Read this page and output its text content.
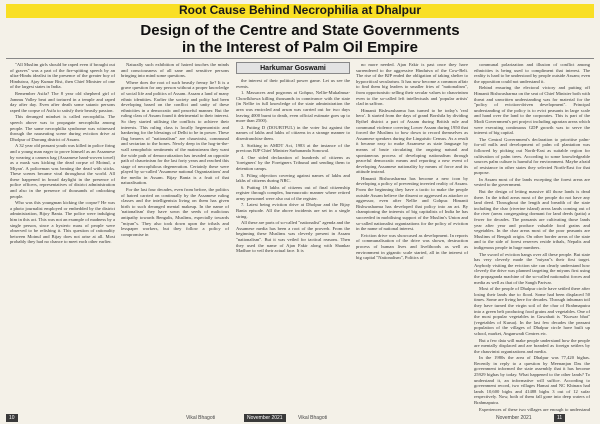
Root Cause Behind Necrophilia at Dhalpur
Design of the Centre and State Governments
in the Interest of Palm Oil Empire

"All Muslim girls should be raped even if brought out of graves" was a part of the fire-spitting speech by an ultra-Hindu idealist in the presence of the greater boy of Hindutwa, Ajay Kumar Bist, then Chief Minister of one of the largest states in India.

Remember Asifa? The 8 year old shepherd girl of Jammu Valley beat and tortured in a temple and raped day after day. Even after death some satanic persons raped the corpse of Asifa to satisfy their beastly passion.

This deranged mindset is called necrophilia. The speech above was to propagate necrophilia among people. The same necrophilia syndrome was witnessed through the nauseating scene during eviction drive at Dholpur of Darrang district of Assam.

A 32 year old peasant youth was killed in police firing and a young man eager to prove himself as an Assamese by wearing a camera bag (Assamese hand-woven towel) as a mask was kicking the dead corpse of Moinul, a Miyan'. A policeman was beating the dead with sticks. These scenes became viral throughout the world. All these happened in broad daylight in the presence of police officers, representatives of district administration and also in the presence of thousands of onlooking people.

Who was this youngman kicking the corpse? He was a photo journalist employed or embedded by the district administration, Bijoy Bania. The police were indulging him in this act. This was not an example of madness by a single person, since a hysteric mass of people were observed to be relishing it. This question of rationality between Moinul and Bijay does not arise at all. Most probably they had no chance to meet each other earlier.

Naturally such exhibition of hatred touches the minds and consciousness of all sane and sensitive persons bringing into mind some questions.

Where does the root of such beastly frenzy lie? It is a grave question for any person without a proper knowledge of social life and politics of Assam. Assam a land of many ethnic identities. Earlier the society and polity had been developing based on the conflict and unity of these ethnicities in a democratic and peaceful manner. But the ruling class of Assam found it detrimental to their interest. So they started utilising the conflicts to achieve their interests. This ruling class is locally hegemonistic and hankering for the blessings of Delhi to be in power. These flag bearers of "nationalism" are chauvinist, communal and sectarian to the bones. Newly deep in the hog-in-the-wall xenophobic sentiments of the mainstream they want the wide path of democratization has invaded an opposite path of chauvinism for the last forty years and reached this stage of necrophilous degeneration. Certainly these were played by so-called 'Assamese national Organizations' and the media in Assam. Bijay Bania is a fruit of that naturalisation.

For the last four decades, even from before, the politics of hatred carried on continually by the Assamese ruling classes and the intelligentsia living on them has given birth to such deranged mental makeup. In the name of 'nationalism' they have sown the seeds of malicious antipathy towards Bengalis, Muslims, especially towards "miyan"s. They also took down upon the tribals and lesspaper workers, but they follow a policy of compromise in

Harkumar Goswami

the interest of their political power game. Let us see the events.

1. Massacres and pogroms at Gohpur, Nellie-Mukalmua-Chowlkhowa killing thousands in connivance with the state (in Nellie in full knowledge of the state administration the area was encircled and arson was carried out for two days leaving 4000 burnt to death, even official estimate goes up to more than 2500).

2. Putting D (DOUBTFUL) in the voter list against the names of lakhs and lakhs of citizens in a strange manner to disenfranchise them.

3. Striking in AMDT Act, 1983 at the instance of the previous BJP Chief Minister Sarbananda Sonowal.

4. One sided declaration of hundreds of citizens as 'foreigners' by the Foreigners Tribunal and sending them to detention camps.

5. Filing objection covering against names of lakhs and lakhs of citizens during NRC.

6. Putting 19 lakhs of citizens out of final citizenship register through complex, bureaucratic manner where retired army personnel were also out of the register.

7. Latest being eviction drive at Dholpur and the Bijay Bania episode. All the above incidents are set in a single string.

All these are parts of so-called "nationalist" agenda and the Assamese media has been a root of the proverb. From the beginning these Muslims was cleverly present in Assam "nationalism". But it was veiled for tactical reasons. Then they used the name of Ajan Fakir along with Shankar Madhav to veil their actual face. It is

no more needed. Ajan Fakir is past once they have surrendered to the aggressive Hindutva of the Cow-Belt. The rise of the BJP ended the obligation of taking shelter to hypocritical secularism. It has now become a common affair to find them big leaders to smaller fries of "nationalism", from opportunistic selling their secular values to chauvinism even to the so-called left intellectuals and 'popular artists' clad in saffron.

Himanti Bishwasharma has turned to be today's 'real hero'. It started from the days of grand Borshila by dividing Rythel district a part of Assam during British rule and communal violence covering Lower Assam during 1950 that forced the Muslims to bow down to record themselves as Assamese speakers during the Linguistic Census. As a result it became easy to make Assamese as state language by means of brute circulating the ongoing natural and spontaneous process of developing nationalism through peaceful democratic means and reporting a new event of developing Assamese nationality by means of force and its attitude instead.

Himanti Bishwasharma has become a new icon by developing a policy of preventing inverted reality of Assam. From the beginning they have a tactic to make the people outside Assam believe the dissent or aggressed as attacker or aggressor, even after Nellie and Gohpur. Himanti Bishwasharma has developed that policy into an art. By championing the interests of big capitalists of India he has succeeded in mobilising support of the Muslim's Union and so-called nationalist organizations for the policy of eviction in the name of national interest.

Eviction drive was showcased as development. In reports of communalisation of the drive was shown, destruction process of human lives and livelihoods as well as environment in gigantic scale started, all in the interest of big capital "Nationalism", Politics of

communal polarization and illusion of conflict among ethnicities is being used to compliment that interest. The reality is hard to be understood by people outside Assam; even the opposition could not understand it.

Behind ensuring the electoral victory and putting off Himanti Bishwasharma on the seat of Chief Minister both with threat and unwritten understanding was for material for the "policy of eviction-driven development". Principal understanding of the policy is to evict peasants in large scale and hand over the land to the corporates. This is part of the Modi Government's pet project including agrarian areas which were executing continuous GDP growth was to serve the interest of big capital.

The Central Government's declaration to prioritise palm-for-oil mills and development of palm oil plantation was followed by picking out North-East as suitable region for cultivation of palm trees. According to some knowledgeable sources palm culture is harmful for environment. Maybe afraid of resistance in other states they selected North-East for that purpose.

In Assam most of the lands excepting the forest areas are vested to the government.

But the design of letting massive till those lands is dead there. In the tribal areas most of the people do not have any land deed. Throughout the length and breadth of the state including the char (riverine island) areas lands coming out of the river (areas congregating dormant for land deeds (patta) a fewer for decades. The peasants are cultivating those lands year after year and produce valuable food grains and vegetables. In the char areas most of the poor peasants are Muslims of Bengali origin. On other border areas of the state and to the side of forest reserves reside tribals, Nepalis and indigenous people in huge numbers.

The sword of eviction hangs over all these people. But state has very cleverly made the "miyan"s their first target. Anybody visiting the eviction site can clearly understand how cleverly the drive was planned targeting the miyans first using the propaganda machine of the so-called nationalist forces and media as well as that of the Sangh Parivar.

Most of the people of Dhalpur circle have settled there after losing their lands due to flood. Some had been displaced 50 times. Some are living here for decades. Through inhuman toil they have turned the virgin soil of the char of Brahmaputra into a green belt producing food grains and vegetables. One of the most popular vegetables in Guwahati is "Kurwar bhat" (vegetables of Kurua). In the last few decades the peasant population of the villages of Dhalpur circle have built up school, market, Anganwadi Centres etc.

But a few data will make people understand how the people are mentally displaced and are branded as foreign settlers by the chauvinist organizations and media.

In the 1980s the area of Dhalpur was 77,420 bighas. Recently in reply to a question by Meenanjan Das the government informed the state assembly that it has become 25929 bighas by today. What happened to the other lands? To understand it, an informative will suffice. According to government record, two villages Hamai and NC Khinara had lands 10,600 bighs and 41488 bighs 3 out of 12 sufar respectively. Now, both of them fall gone into deep waters of Brahmaputra.

Experiences of these two villages are enough to understand

10	Vikal Bhagoti	November 2021	Vikal Bhagoti	November 2021	11
